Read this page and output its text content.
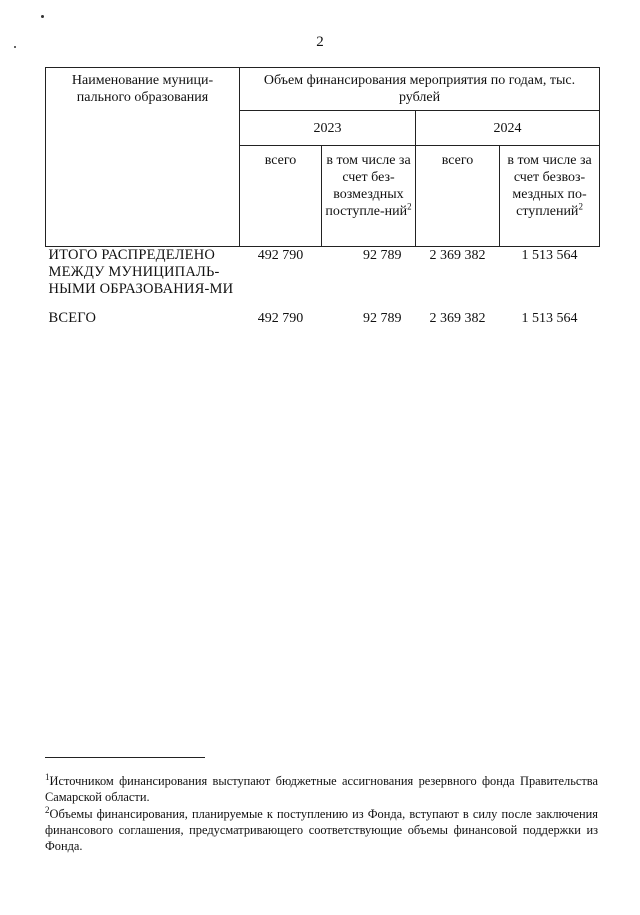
2
Наименование муници-пального образования	Объем финансирования мероприятия по годам, тыс. рублей			
	2023		2024	
	всего	в том числе за счет без-возмездных поступле-ний$^2$	всего	в том числе за счет безвоз-мездных по-ступлений$^2$
ИТОГО РАСПРЕДЕЛЕНО МЕЖДУ МУНИЦИПАЛЬ-НЫМИ ОБРАЗОВАНИЯ-МИ	492 790	92 789	2 369 382	1 513 564

ВСЕГО	492 790	92 789	2 369 382	1 513 564
$^1$Источником финансирования выступают бюджетные ассигнования резервного фонда Правительства Самарской области.
$^2$Объемы финансирования, планируемые к поступлению из Фонда, вступают в силу после заключения финансового соглашения, предусматривающего соответствующие объемы финансовой поддержки из Фонда.
